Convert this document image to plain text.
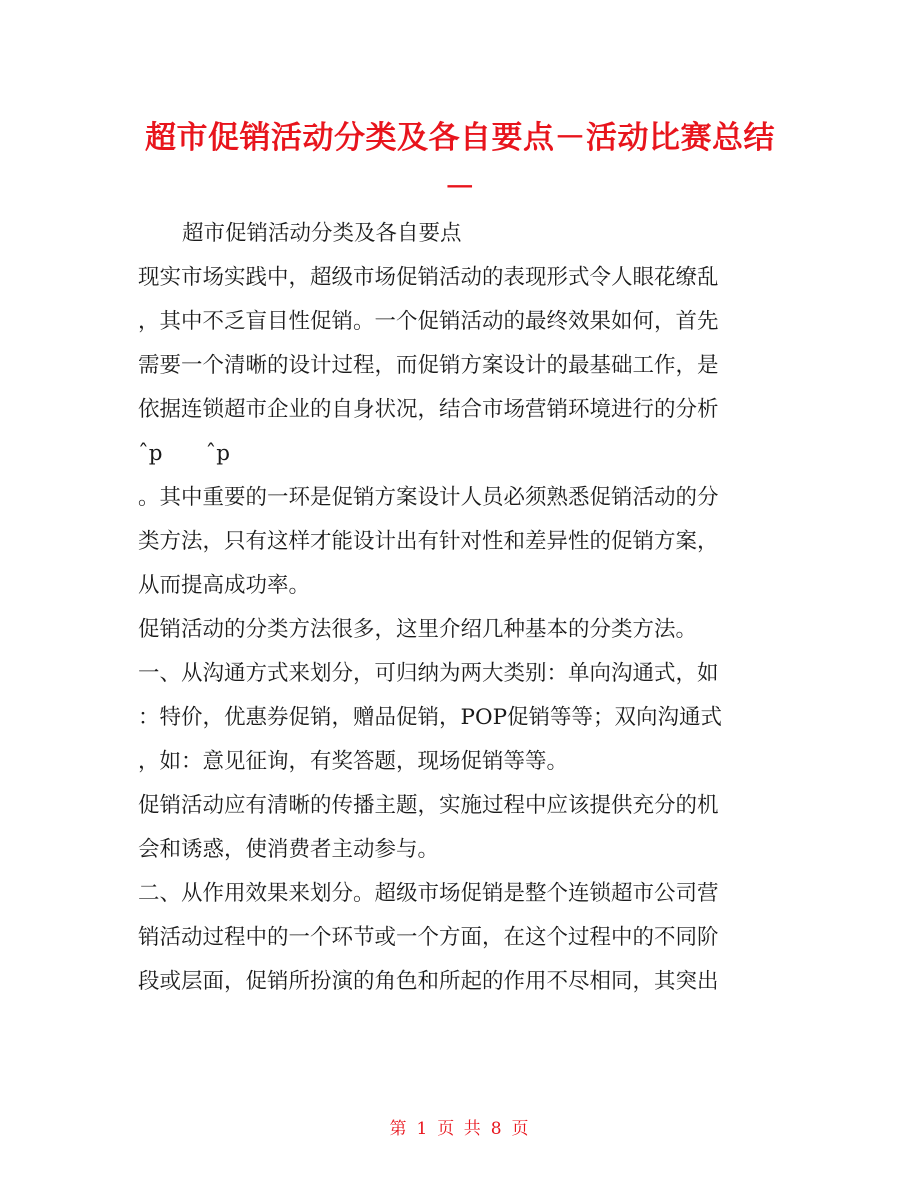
超市促销活动分类及各自要点－活动比赛总结
－
超市促销活动分类及各自要点
现实市场实践中，超级市场促销活动的表现形式令人眼花缭乱
，其中不乏盲目性促销。一个促销活动的最终效果如何，首先
需要一个清晰的设计过程，而促销方案设计的最基础工作，是
依据连锁超市企业的自身状况，结合市场营销环境进行的分析
ˆp　　ˆp
。其中重要的一环是促销方案设计人员必须熟悉促销活动的分
类方法，只有这样才能设计出有针对性和差异性的促销方案，
从而提高成功率。
促销活动的分类方法很多，这里介绍几种基本的分类方法。
一、从沟通方式来划分，可归纳为两大类别：单向沟通式，如
：特价，优惠券促销，赠品促销，POP促销等等；双向沟通式
，如：意见征询，有奖答题，现场促销等等。
促销活动应有清晰的传播主题，实施过程中应该提供充分的机
会和诱惑，使消费者主动参与。
二、从作用效果来划分。超级市场促销是整个连锁超市公司营
销活动过程中的一个环节或一个方面，在这个过程中的不同阶
段或层面，促销所扮演的角色和所起的作用不尽相同，其突出
第 1 页 共 8 页
